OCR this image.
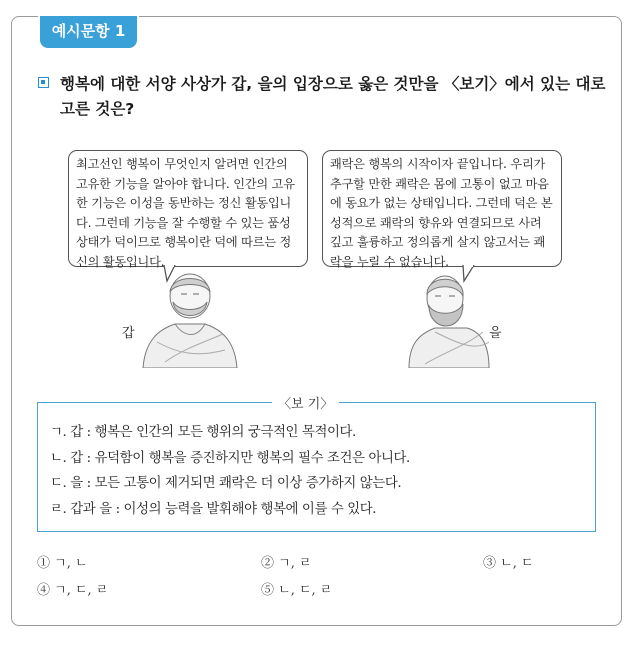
예시문항 1
행복에 대한 서양 사상가 갑, 을의 입장으로 옳은 것만을 〈보기〉에서 있는 대로 고른 것은?
최고선인 행복이 무엇인지 알려면 인간의 고유한 기능을 알아야 합니다. 인간의 고유한 기능은 이성을 동반하는 정신 활동입니다. 그런데 기능을 잘 수행할 수 있는 품성 상태가 덕이므로 행복이란 덕에 따르는 정신의 활동입니다.
쾌락은 행복의 시작이자 끝입니다. 우리가 추구할 만한 쾌락은 몸에 고통이 없고 마음에 동요가 없는 상태입니다. 그런데 덕은 본성적으로 쾌락의 향유와 연결되므로 사려 깊고 훌륭하고 정의롭게 살지 않고서는 쾌락을 누릴 수 없습니다.
갑	을
〈보 기〉
ㄱ. 갑 : 행복은 인간의 모든 행위의 궁극적인 목적이다.
ㄴ. 갑 : 유덕함이 행복을 증진하지만 행복의 필수 조건은 아니다.
ㄷ. 을 : 모든 고통이 제거되면 쾌락은 더 이상 증가하지 않는다.
ㄹ. 갑과 을 : 이성의 능력을 발휘해야 행복에 이를 수 있다.
① ㄱ, ㄴ	② ㄱ, ㄹ	③ ㄴ, ㄷ
④ ㄱ, ㄷ, ㄹ	⑤ ㄴ, ㄷ, ㄹ
